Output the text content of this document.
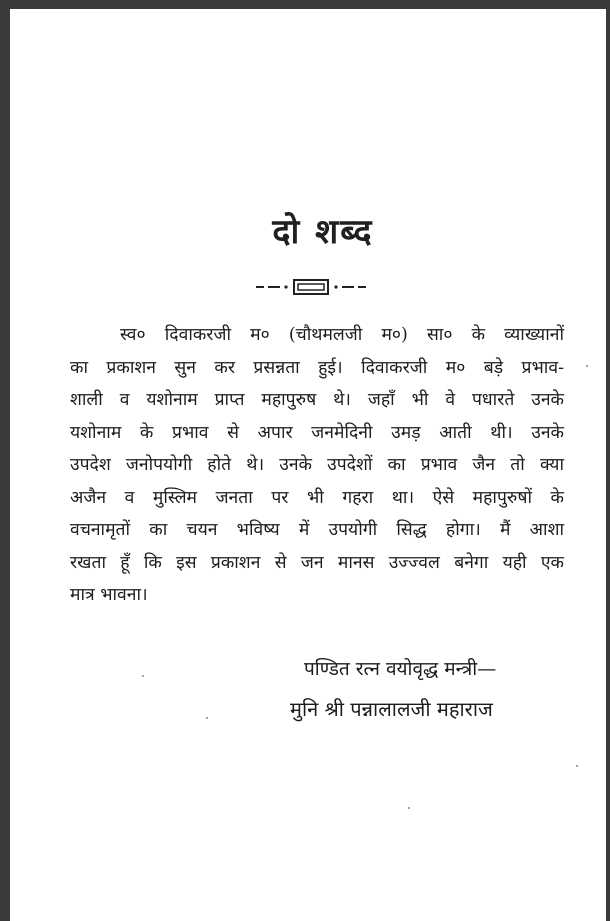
दो शब्द
स्व० दिवाकरजी म० (चौथमलजी म०) सा० के व्याख्यानों
का प्रकाशन सुन कर प्रसन्नता हुई। दिवाकरजी म० बड़े प्रभाव-
शाली व यशोनाम प्राप्त महापुरुष थे। जहाँ भी वे पधारते उनके
यशोनाम के प्रभाव से अपार जनमेदिनी उमड़ आती थी। उनके
उपदेश जनोपयोगी होते थे। उनके उपदेशों का प्रभाव जैन तो क्या
अजैन व मुस्लिम जनता पर भी गहरा था। ऐसे महापुरुषों के
वचनामृतों का चयन भविष्य में उपयोगी सिद्ध होगा। मैं आशा
रखता हूँ कि इस प्रकाशन से जन मानस उज्ज्वल बनेगा यही एक
मात्र भावना।
पण्डित रत्न वयोवृद्ध मन्त्री—
मुनि श्री पन्नालालजी महाराज
